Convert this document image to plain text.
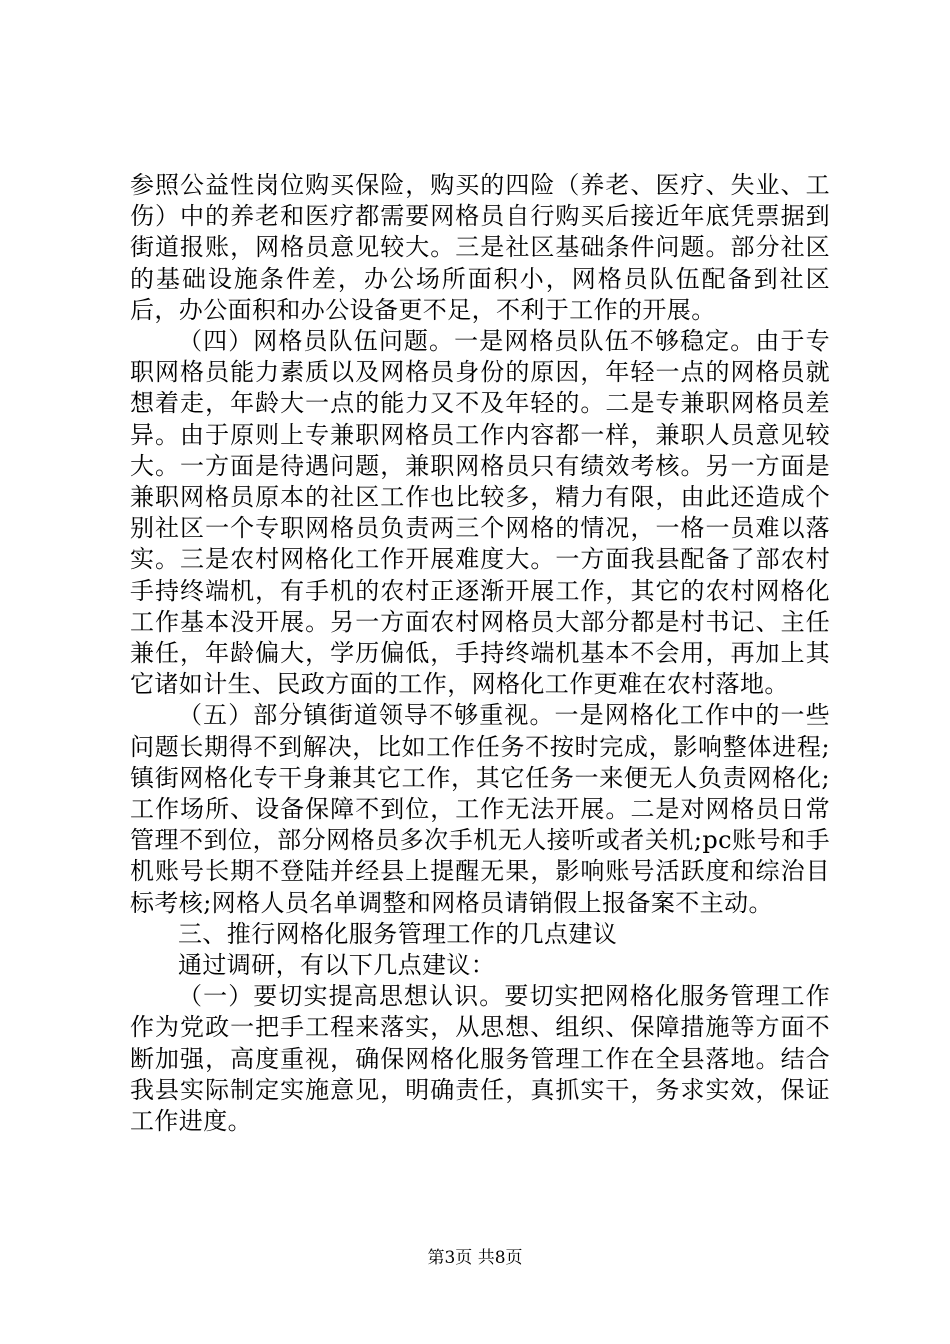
参照公益性岗位购买保险，购买的四险（养老、医疗、失业、工伤）中的养老和医疗都需要网格员自行购买后接近年底凭票据到街道报账，网格员意见较大。三是社区基础条件问题。部分社区的基础设施条件差，办公场所面积小，网格员队伍配备到社区后，办公面积和办公设备更不足，不利于工作的开展。

（四）网格员队伍问题。一是网格员队伍不够稳定。由于专职网格员能力素质以及网格员身份的原因，年轻一点的网格员就想着走，年龄大一点的能力又不及年轻的。二是专兼职网格员差异。由于原则上专兼职网格员工作内容都一样，兼职人员意见较大。一方面是待遇问题，兼职网格员只有绩效考核。另一方面是兼职网格员原本的社区工作也比较多，精力有限，由此还造成个别社区一个专职网格员负责两三个网格的情况，一格一员难以落实。三是农村网格化工作开展难度大。一方面我县配备了部农村手持终端机，有手机的农村正逐渐开展工作，其它的农村网格化工作基本没开展。另一方面农村网格员大部分都是村书记、主任兼任，年龄偏大，学历偏低，手持终端机基本不会用，再加上其它诸如计生、民政方面的工作，网格化工作更难在农村落地。

（五）部分镇街道领导不够重视。一是网格化工作中的一些问题长期得不到解决，比如工作任务不按时完成，影响整体进程;镇街网格化专干身兼其它工作，其它任务一来便无人负责网格化;工作场所、设备保障不到位，工作无法开展。二是对网格员日常管理不到位，部分网格员多次手机无人接听或者关机;pc账号和手机账号长期不登陆并经县上提醒无果，影响账号活跃度和综治目标考核;网格人员名单调整和网格员请销假上报备案不主动。

三、推行网格化服务管理工作的几点建议

通过调研，有以下几点建议：

（一）要切实提高思想认识。要切实把网格化服务管理工作作为党政一把手工程来落实，从思想、组织、保障措施等方面不断加强，高度重视，确保网格化服务管理工作在全县落地。结合我县实际制定实施意见，明确责任，真抓实干，务求实效，保证工作进度。

第3页 共8页
